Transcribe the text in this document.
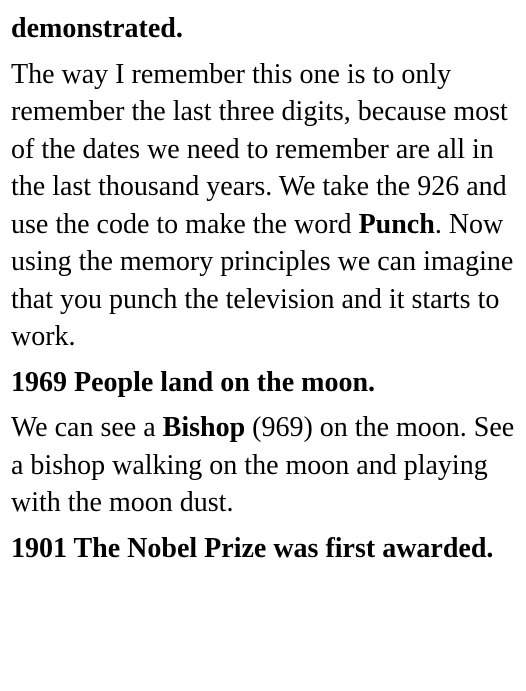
demonstrated.

The way I remember this one is to only remember the last three digits, because most of the dates we need to remember are all in the last thousand years. We take the 926 and use the code to make the word Punch. Now using the memory principles we can imagine that you punch the television and it starts to work.

1969 People land on the moon.

We can see a Bishop (969) on the moon. See a bishop walking on the moon and playing with the moon dust.

1901 The Nobel Prize was first awarded.
